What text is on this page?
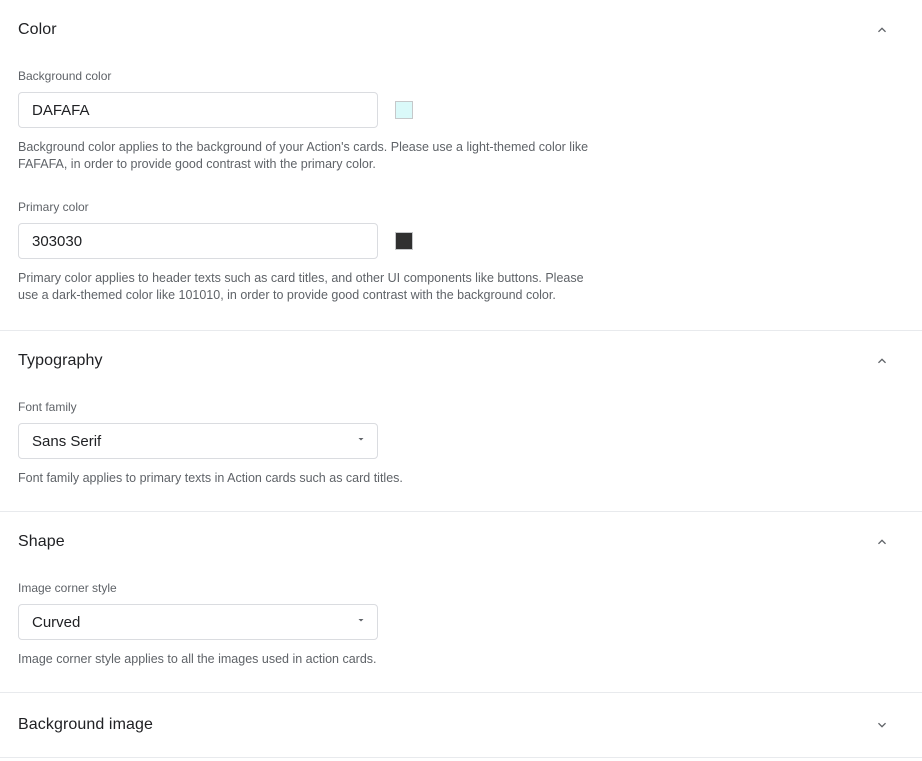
Color
Background color
DAFAFA
Background color applies to the background of your Action's cards. Please use a light-themed color like FAFAFA, in order to provide good contrast with the primary color.
Primary color
303030
Primary color applies to header texts such as card titles, and other UI components like buttons. Please use a dark-themed color like 101010, in order to provide good contrast with the background color.
Typography
Font family
Sans Serif
Font family applies to primary texts in Action cards such as card titles.
Shape
Image corner style
Curved
Image corner style applies to all the images used in action cards.
Background image
